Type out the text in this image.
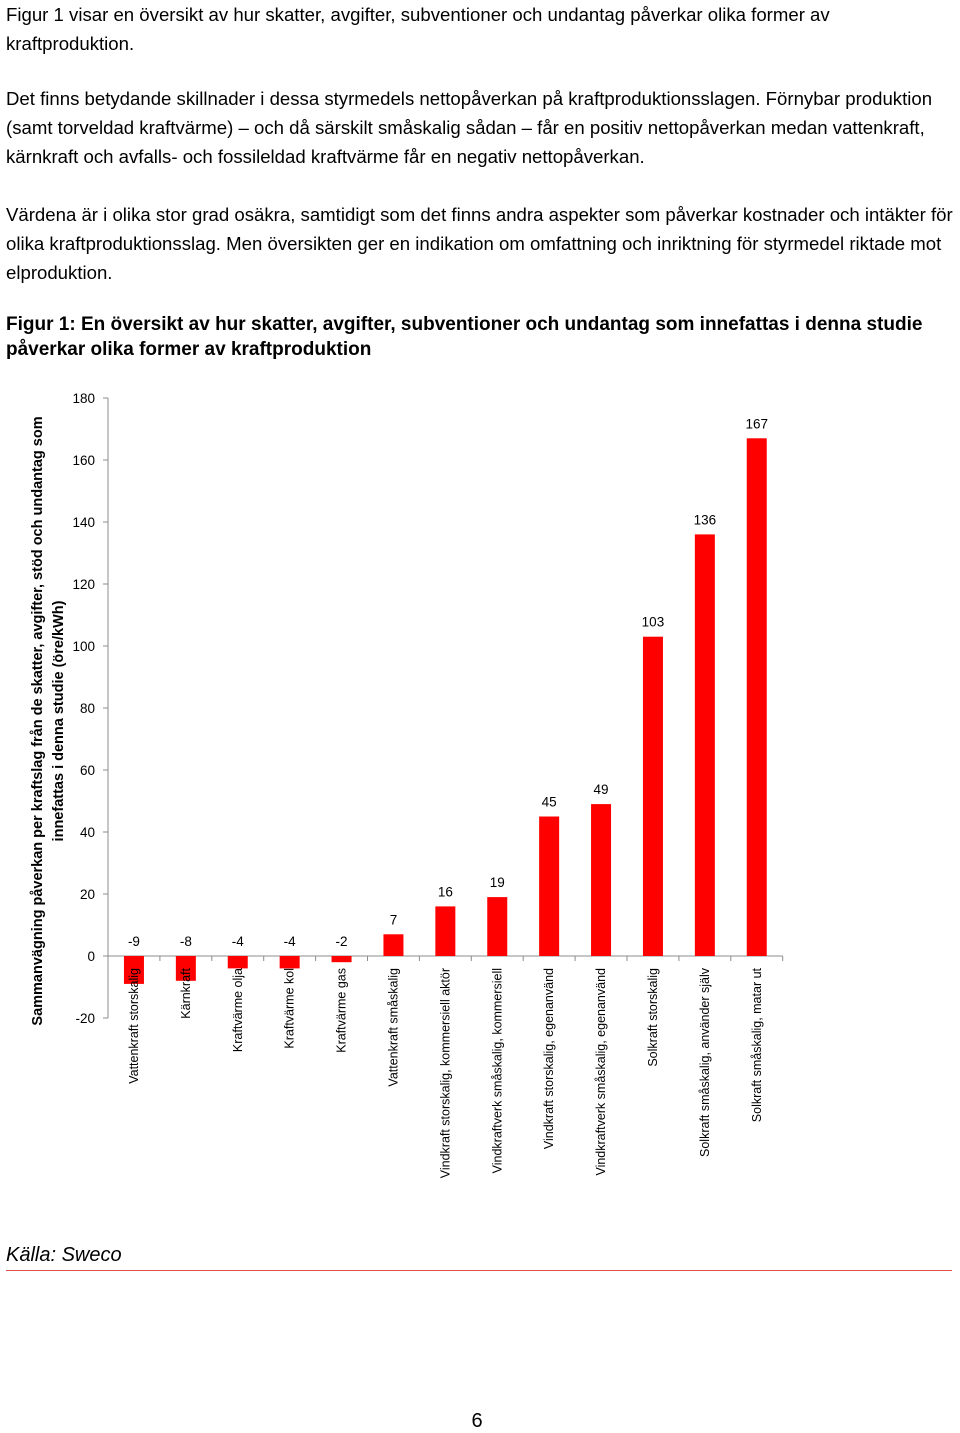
Figur 1 visar en översikt av hur skatter, avgifter, subventioner och undantag påverkar olika former av kraftproduktion.

Det finns betydande skillnader i dessa styrmedels nettopåverkan på kraftproduktionsslagen. Förnybar produktion (samt torveldad kraftvärme) – och då särskilt småskalig sådan – får en positiv nettopåverkan medan vattenkraft, kärnkraft och avfalls- och fossileldad kraftvärme får en negativ nettopåverkan.

Värdena är i olika stor grad osäkra, samtidigt som det finns andra aspekter som påverkar kostnader och intäkter för olika kraftproduktionsslag. Men översikten ger en indikation om omfattning och inriktning för styrmedel riktade mot elproduktion.

Figur 1: En översikt av hur skatter, avgifter, subventioner och undantag som innefattas i denna studie påverkar olika former av kraftproduktion

Sammanvägning påverkan per kraftslag från de skatter, avgifter, stöd och undantag som innefattas i denna studie (öre/kWh)
-20
0
20
40
60
80
100
120
140
160
180
-9	-8	-4	-4	-2
7
16
19
45
49
103
136
167
Vattenkraft storskalig	Kärnkraft	Kraftvärme olja	Kraftvärme kol	Kraftvärme gas	Vattenkraft småskalig	Vindkraft storskalig, kommersiell aktör	Vindkraftverk småskalig, kommersiell	Vindkraft storskalig, egenanvänd	Vindkraftverk småskalig, egenanvänd	Solkraft storskalig	Solkraft småskalig, använder själv	Solkraft småskalig, matar ut

Källa: Sweco

6
